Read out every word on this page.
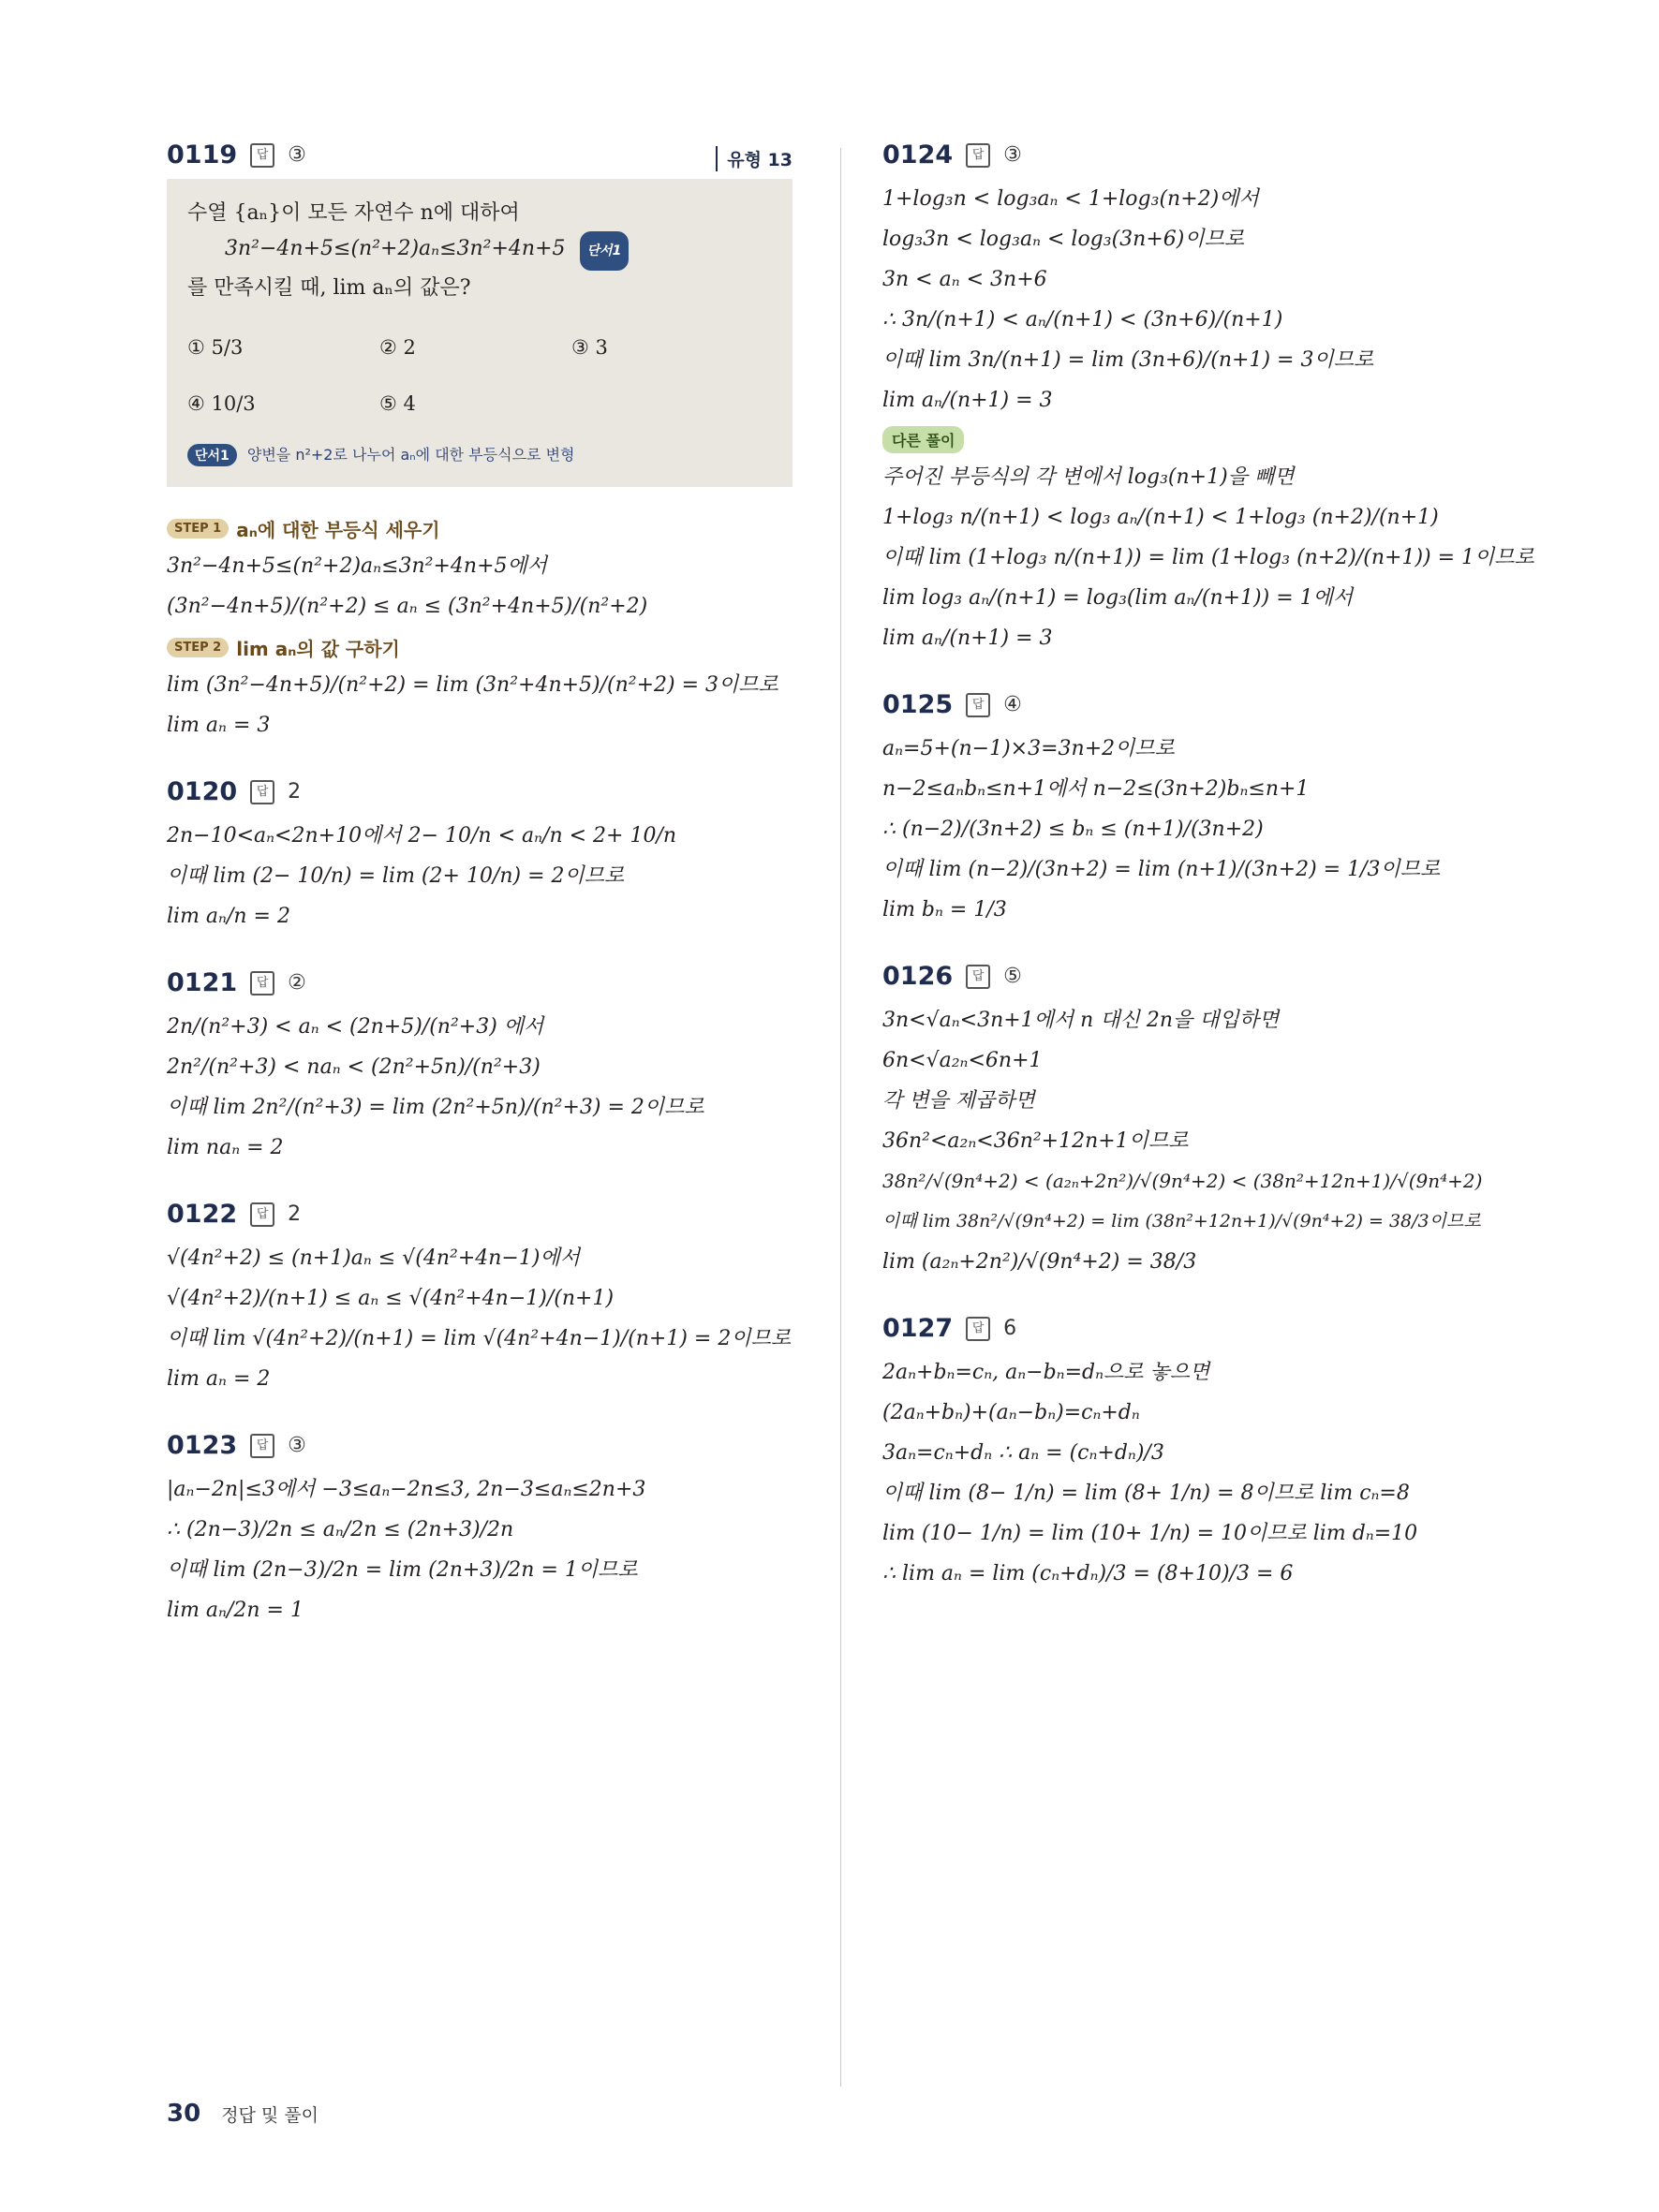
0119	답 ③	유형 13
수열 {aₙ}이 모든 자연수 n에 대하여
3n²−4n+5≤(n²+2)aₙ≤3n²+4n+5 단서1
를 만족시킬 때, lim aₙ의 값은?
① 5/3	② 2	③ 3
④ 10/3	⑤ 4
단서1 양변을 n²+2로 나누어 aₙ에 대한 부등식으로 변형
STEP 1 aₙ에 대한 부등식 세우기
3n²−4n+5≤(n²+2)aₙ≤3n²+4n+5에서
(3n²−4n+5)/(n²+2) ≤ aₙ ≤ (3n²+4n+5)/(n²+2)
STEP 2 lim aₙ의 값 구하기
lim (3n²−4n+5)/(n²+2) = lim (3n²+4n+5)/(n²+2) = 3이므로
lim aₙ = 3
0120	답 2
2n−10<aₙ<2n+10에서 2− 10/n < aₙ/n < 2+ 10/n
이때 lim (2− 10/n) = lim (2+ 10/n) = 2이므로
lim aₙ/n = 2
0121	답 ②
2n/(n²+3) < aₙ < (2n+5)/(n²+3) 에서
2n²/(n²+3) < naₙ < (2n²+5n)/(n²+3)
이때 lim 2n²/(n²+3) = lim (2n²+5n)/(n²+3) = 2이므로
lim naₙ = 2
0122	답 2
√(4n²+2) ≤ (n+1)aₙ ≤ √(4n²+4n−1)에서
√(4n²+2)/(n+1) ≤ aₙ ≤ √(4n²+4n−1)/(n+1)
이때 lim √(4n²+2)/(n+1) = lim √(4n²+4n−1)/(n+1) = 2이므로
lim aₙ = 2
0123	답 ③
|aₙ−2n|≤3에서 −3≤aₙ−2n≤3, 2n−3≤aₙ≤2n+3
∴ (2n−3)/2n ≤ aₙ/2n ≤ (2n+3)/2n
이때 lim (2n−3)/2n = lim (2n+3)/2n = 1이므로
lim aₙ/2n = 1
0124	답 ③
1+log₃n < log₃aₙ < 1+log₃(n+2)에서
log₃3n < log₃aₙ < log₃(3n+6)이므로
3n < aₙ < 3n+6
∴ 3n/(n+1) < aₙ/(n+1) < (3n+6)/(n+1)
이때 lim 3n/(n+1) = lim (3n+6)/(n+1) = 3이므로
lim aₙ/(n+1) = 3
다른 풀이
주어진 부등식의 각 변에서 log₃(n+1)을 빼면
1+log₃ n/(n+1) < log₃ aₙ/(n+1) < 1+log₃ (n+2)/(n+1)
이때 lim (1+log₃ n/(n+1)) = lim (1+log₃ (n+2)/(n+1)) = 1이므로
lim log₃ aₙ/(n+1) = log₃(lim aₙ/(n+1)) = 1에서
lim aₙ/(n+1) = 3
0125	답 ④
aₙ=5+(n−1)×3=3n+2이므로
n−2≤aₙbₙ≤n+1에서 n−2≤(3n+2)bₙ≤n+1
∴ (n−2)/(3n+2) ≤ bₙ ≤ (n+1)/(3n+2)
이때 lim (n−2)/(3n+2) = lim (n+1)/(3n+2) = 1/3이므로
lim bₙ = 1/3
0126	답 ⑤
3n<√aₙ<3n+1에서 n 대신 2n을 대입하면
6n<√a₂ₙ<6n+1
각 변을 제곱하면
36n²<a₂ₙ<36n²+12n+1이므로
38n²/√(9n⁴+2) < (a₂ₙ+2n²)/√(9n⁴+2) < (38n²+12n+1)/√(9n⁴+2)
이때 lim 38n²/√(9n⁴+2) = lim (38n²+12n+1)/√(9n⁴+2) = 38/3이므로
lim (a₂ₙ+2n²)/√(9n⁴+2) = 38/3
0127	답 6
2aₙ+bₙ=cₙ, aₙ−bₙ=dₙ으로 놓으면
(2aₙ+bₙ)+(aₙ−bₙ)=cₙ+dₙ
3aₙ=cₙ+dₙ ∴ aₙ = (cₙ+dₙ)/3
이때 lim (8− 1/n) = lim (8+ 1/n) = 8이므로 lim cₙ=8
lim (10− 1/n) = lim (10+ 1/n) = 10이므로 lim dₙ=10
∴ lim aₙ = lim (cₙ+dₙ)/3 = (8+10)/3 = 6
30 정답 및 풀이
